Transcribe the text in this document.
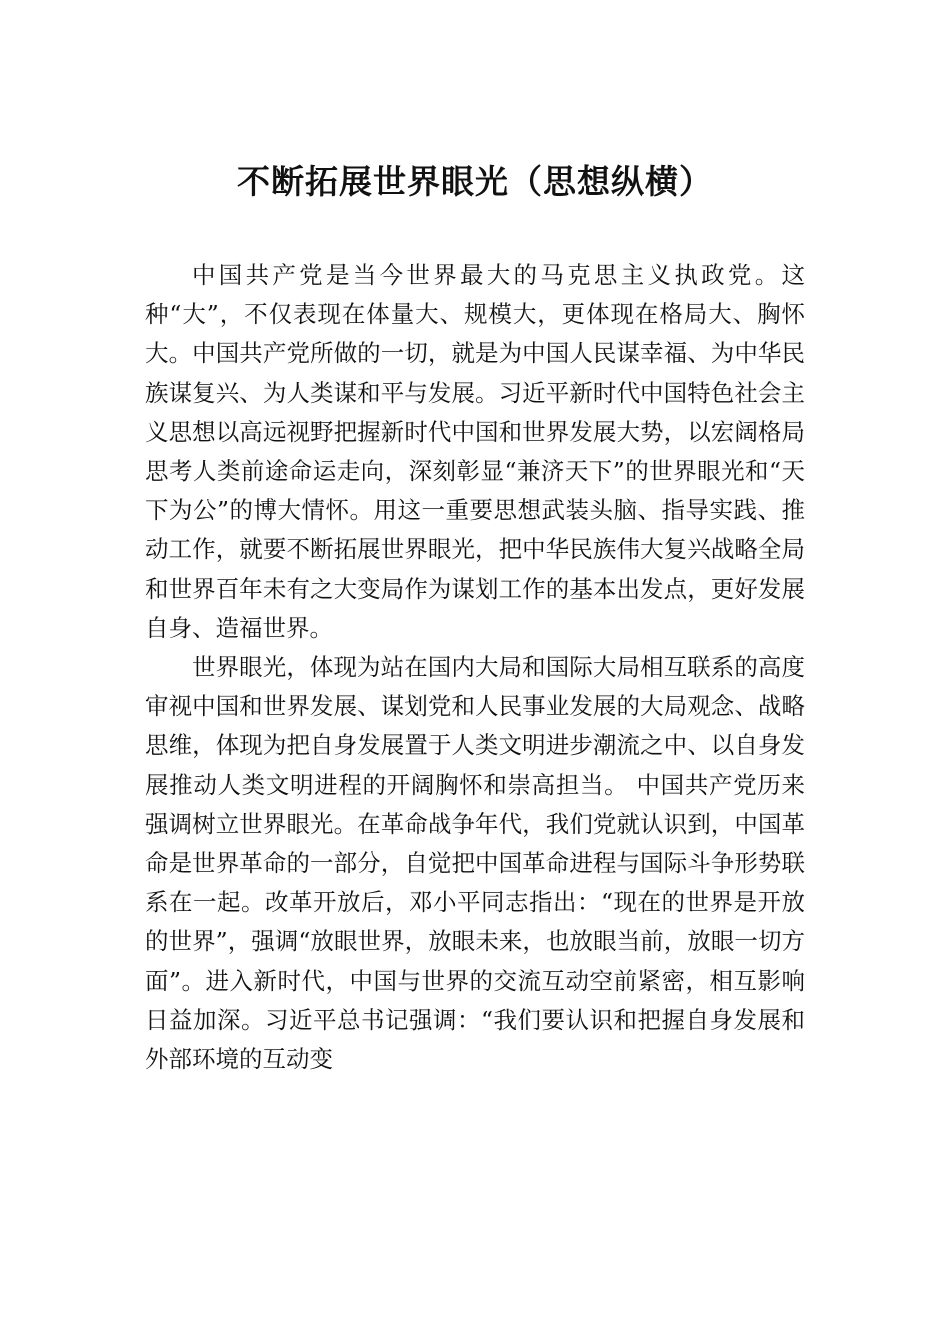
不断拓展世界眼光（思想纵横）

中国共产党是当今世界最大的马克思主义执政党。这种“大”，不仅表现在体量大、规模大，更体现在格局大、胸怀大。中国共产党所做的一切，就是为中国人民谋幸福、为中华民族谋复兴、为人类谋和平与发展。习近平新时代中国特色社会主义思想以高远视野把握新时代中国和世界发展大势，以宏阔格局思考人类前途命运走向，深刻彰显“兼济天下”的世界眼光和“天下为公”的博大情怀。用这一重要思想武装头脑、指导实践、推动工作，就要不断拓展世界眼光，把中华民族伟大复兴战略全局和世界百年未有之大变局作为谋划工作的基本出发点，更好发展自身、造福世界。

世界眼光，体现为站在国内大局和国际大局相互联系的高度审视中国和世界发展、谋划党和人民事业发展的大局观念、战略思维，体现为把自身发展置于人类文明进步潮流之中、以自身发展推动人类文明进程的开阔胸怀和崇高担当。 中国共产党历来强调树立世界眼光。在革命战争年代，我们党就认识到，中国革命是世界革命的一部分，自觉把中国革命进程与国际斗争形势联系在一起。改革开放后，邓小平同志指出：“现在的世界是开放的世界”，强调“放眼世界，放眼未来，也放眼当前，放眼一切方面”。进入新时代，中国与世界的交流互动空前紧密，相互影响日益加深。习近平总书记强调：“我们要认识和把握自身发展和外部环境的互动变
